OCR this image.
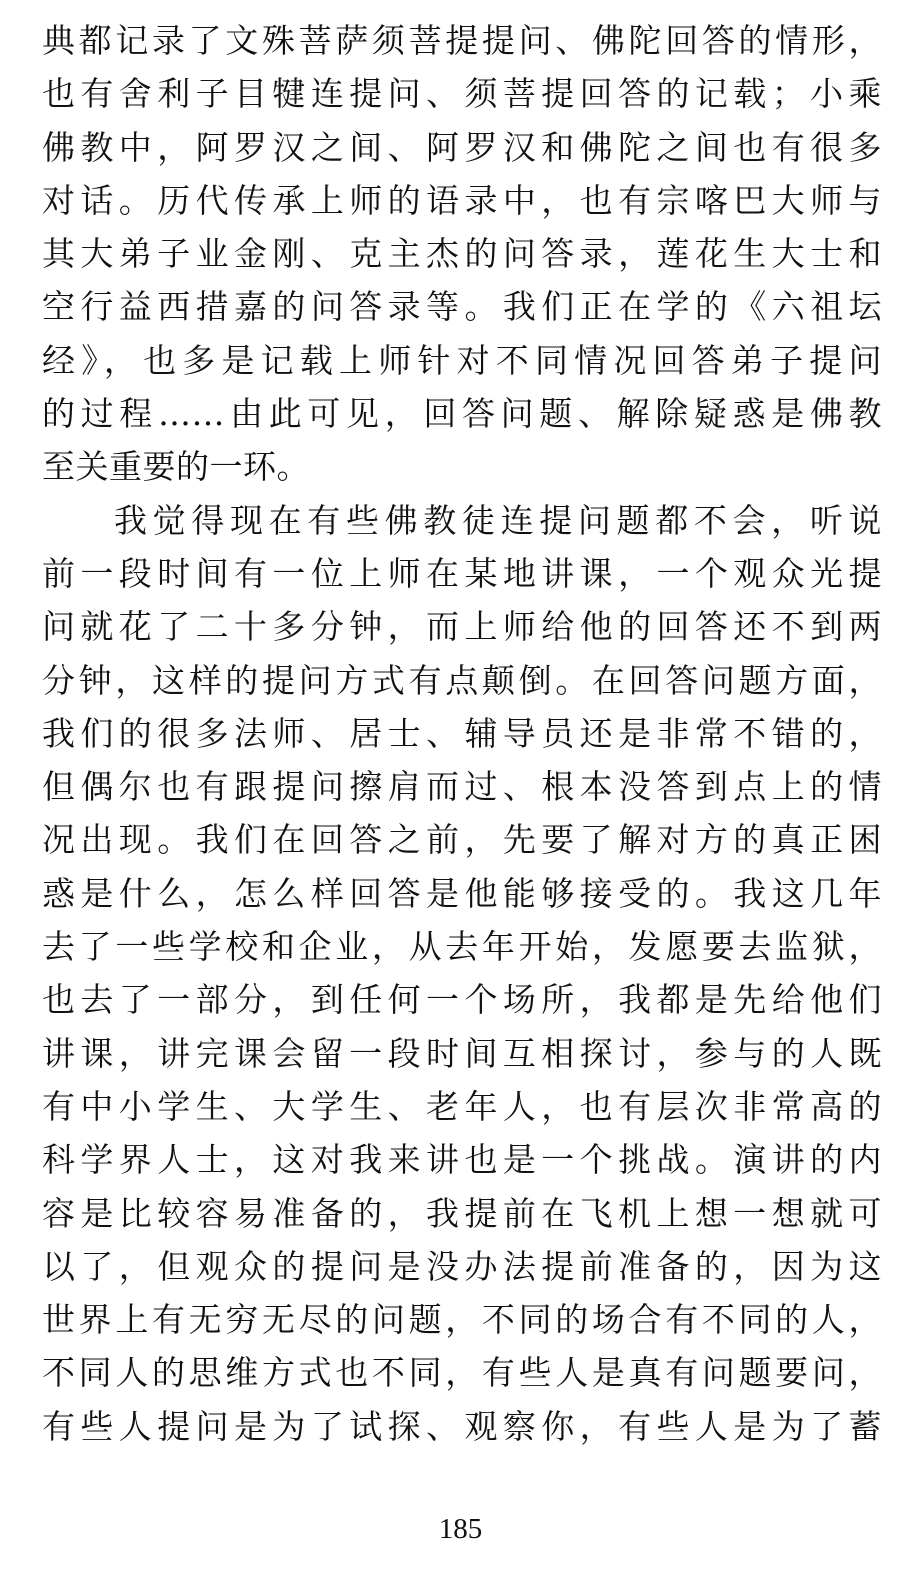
典都记录了文殊菩萨须菩提提问、佛陀回答的情形，
也有舍利子目犍连提问、须菩提回答的记载；小乘
佛教中，阿罗汉之间、阿罗汉和佛陀之间也有很多
对话。历代传承上师的语录中，也有宗喀巴大师与
其大弟子业金刚、克主杰的问答录，莲花生大士和
空行益西措嘉的问答录等。我们正在学的《六祖坛
经》，也多是记载上师针对不同情况回答弟子提问
的过程……由此可见，回答问题、解除疑惑是佛教
至关重要的一环。
我觉得现在有些佛教徒连提问题都不会，听说
前一段时间有一位上师在某地讲课，一个观众光提
问就花了二十多分钟，而上师给他的回答还不到两
分钟，这样的提问方式有点颠倒。在回答问题方面，
我们的很多法师、居士、辅导员还是非常不错的，
但偶尔也有跟提问擦肩而过、根本没答到点上的情
况出现。我们在回答之前，先要了解对方的真正困
惑是什么，怎么样回答是他能够接受的。我这几年
去了一些学校和企业，从去年开始，发愿要去监狱，
也去了一部分，到任何一个场所，我都是先给他们
讲课，讲完课会留一段时间互相探讨，参与的人既
有中小学生、大学生、老年人，也有层次非常高的
科学界人士，这对我来讲也是一个挑战。演讲的内
容是比较容易准备的，我提前在飞机上想一想就可
以了，但观众的提问是没办法提前准备的，因为这
世界上有无穷无尽的问题，不同的场合有不同的人，
不同人的思维方式也不同，有些人是真有问题要问，
有些人提问是为了试探、观察你，有些人是为了蓄
185
